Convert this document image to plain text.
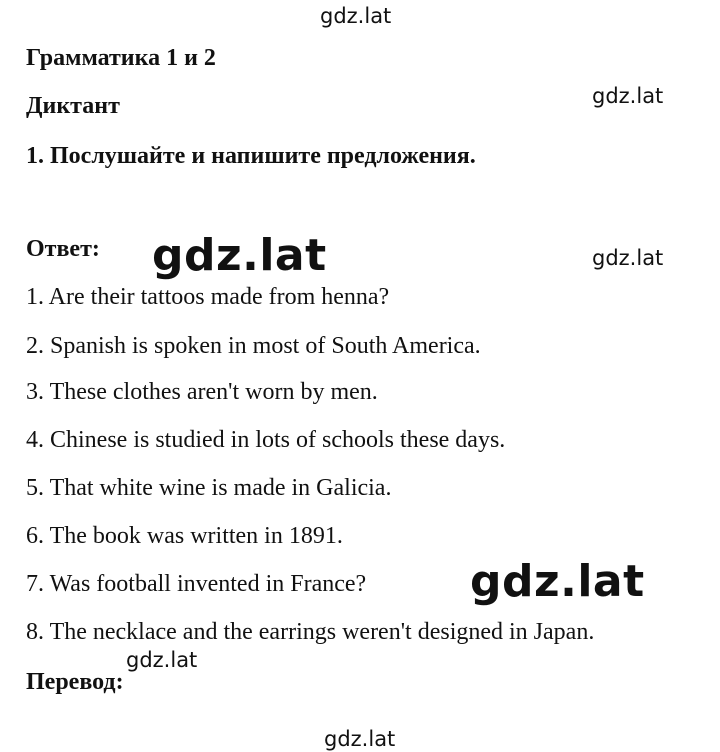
Грамматика 1 и 2
Диктант
1. Послушайте и напишите предложения.
Ответ:
1. Are their tattoos made from henna?
2. Spanish is spoken in most of South America.
3. These clothes aren't worn by men.
4. Chinese is studied in lots of schools these days.
5. That white wine is made in Galicia.
6. The book was written in 1891.
7. Was football invented in France?
8. The necklace and the earrings weren't designed in Japan.
Перевод:
gdz.lat
gdz.lat
gdz.lat	gdz.lat
gdz.lat
gdz.lat
gdz.lat
